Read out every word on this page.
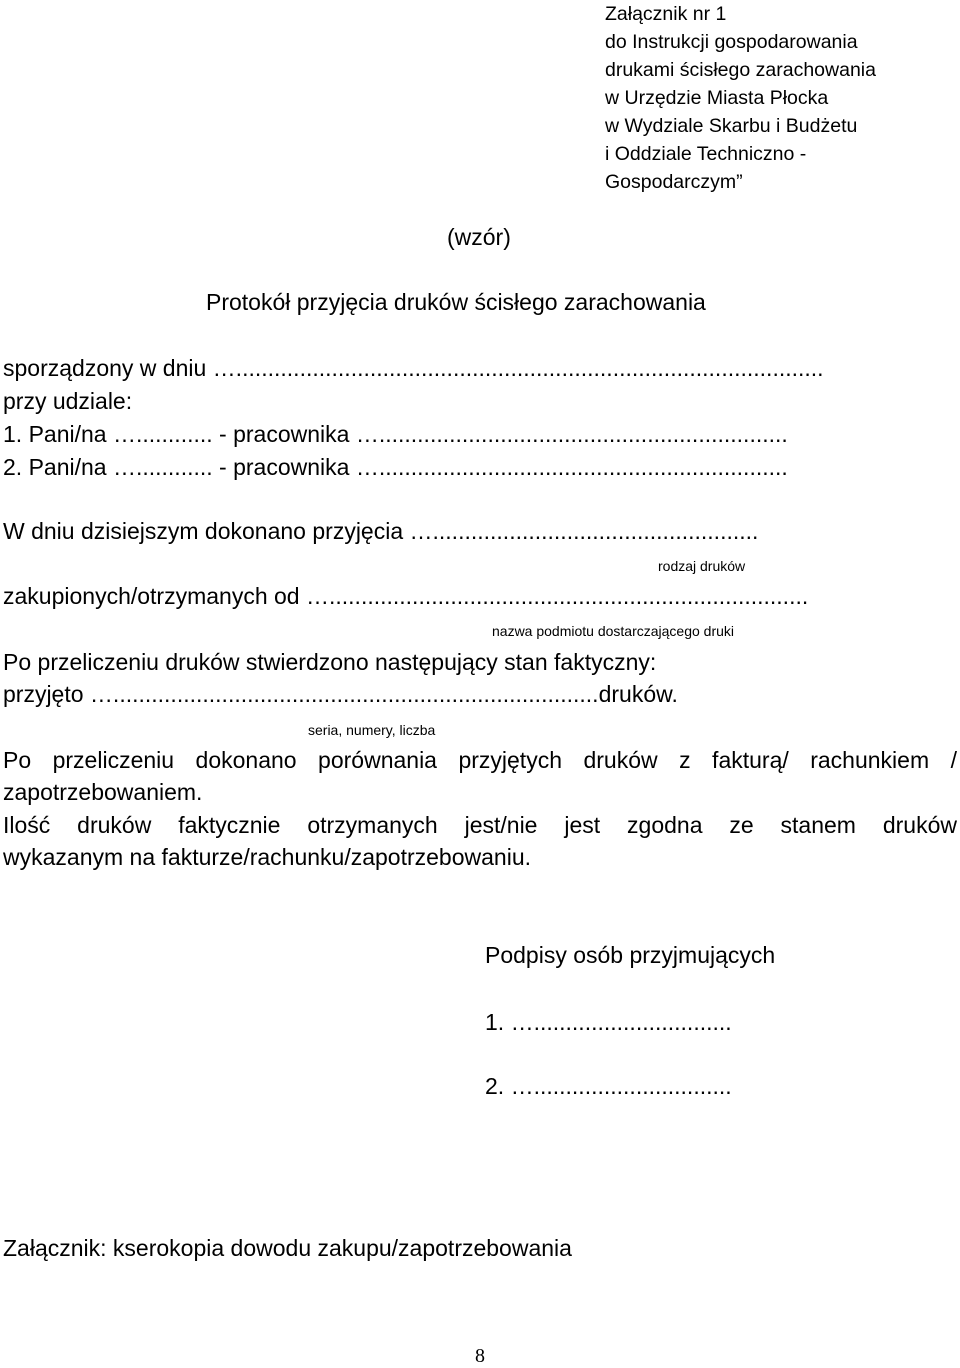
Załącznik nr 1
do Instrukcji gospodarowania
drukami ścisłego zarachowania
w Urzędzie Miasta Płocka
w Wydziale Skarbu i Budżetu
i Oddziale Techniczno -
Gospodarczym”
(wzór)
Protokół przyjęcia druków ścisłego zarachowania
sporządzony w dniu …............................................................................................
przy udziale:
1. Pani/na …............ - pracownika …................................................................
2. Pani/na …............ - pracownika …................................................................
W dniu dzisiejszym dokonano przyjęcia …...................................................
rodzaj druków
zakupionych/otrzymanych od …...........................................................................
nazwa podmiotu dostarczającego druki
Po przeliczeniu druków stwierdzono następujący stan faktyczny:
przyjęto …............................................................................druków.
seria, numery, liczba
Po przeliczeniu dokonano porównania przyjętych druków z fakturą/ rachunkiem /
zapotrzebowaniem.
Ilość druków faktycznie otrzymanych jest/nie jest zgodna ze stanem druków
wykazanym na fakturze/rachunku/zapotrzebowaniu.
Podpisy osób przyjmujących
1. …...............................
2. …...............................
Załącznik: kserokopia dowodu zakupu/zapotrzebowania
8
